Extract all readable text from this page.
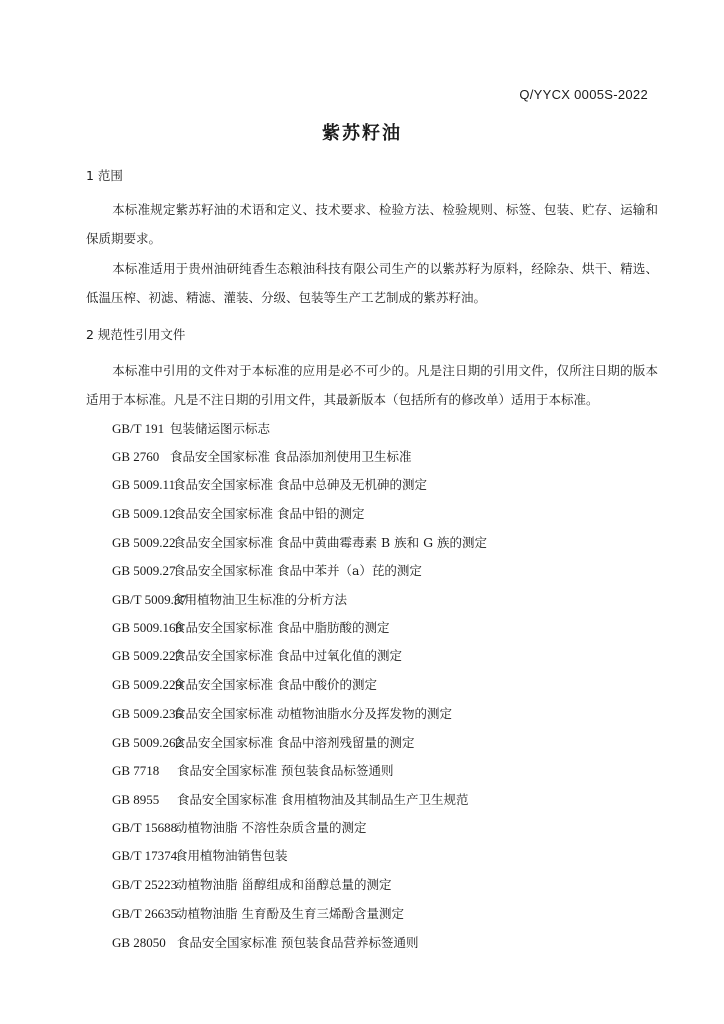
Q/YYCX 0005S-2022
紫苏籽油
1 范围
本标准规定紫苏籽油的术语和定义、技术要求、检验方法、检验规则、标签、包装、贮存、运输和保质期要求。
本标准适用于贵州油研纯香生态粮油科技有限公司生产的以紫苏籽为原料，经除杂、烘干、精选、低温压榨、初滤、精滤、灌装、分级、包装等生产工艺制成的紫苏籽油。
2 规范性引用文件
本标准中引用的文件对于本标准的应用是必不可少的。凡是注日期的引用文件，仅所注日期的版本适用于本标准。凡是不注日期的引用文件，其最新版本（包括所有的修改单）适用于本标准。
GB/T 191 包装储运图示标志
GB 2760 食品安全国家标准 食品添加剂使用卫生标准
GB 5009.11食品安全国家标准 食品中总砷及无机砷的测定
GB 5009.12食品安全国家标准 食品中铅的测定
GB 5009.22食品安全国家标准 食品中黄曲霉毒素 B 族和 G 族的测定
GB 5009.27食品安全国家标准 食品中苯并（a）芘的测定
GB/T 5009.37食用植物油卫生标准的分析方法
GB 5009.168食品安全国家标准 食品中脂肪酸的测定
GB 5009.227食品安全国家标准 食品中过氧化值的测定
GB 5009.229食品安全国家标准 食品中酸价的测定
GB 5009.236食品安全国家标准 动植物油脂水分及挥发物的测定
GB 5009.262食品安全国家标准 食品中溶剂残留量的测定
GB 7718 食品安全国家标准 预包装食品标签通则
GB 8955 食品安全国家标准 食用植物油及其制品生产卫生规范
GB/T 15688动植物油脂 不溶性杂质含量的测定
GB/T 17374食用植物油销售包装
GB/T 25223动植物油脂 甾醇组成和甾醇总量的测定
GB/T 26635动植物油脂 生育酚及生育三烯酚含量测定
GB 28050 食品安全国家标准 预包装食品营养标签通则
